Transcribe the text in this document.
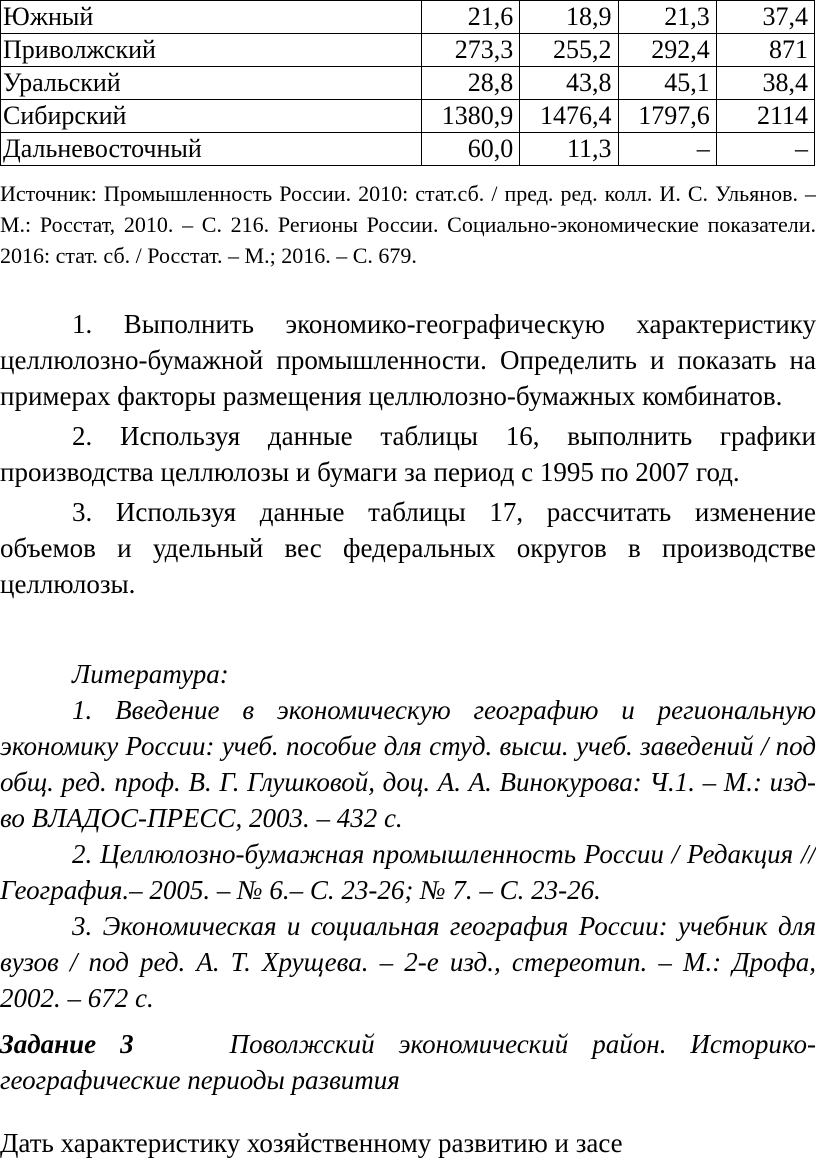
Южный	21,6	18,9	21,3	37,4
Приволжский	273,3	255,2	292,4	871
Уральский	28,8	43,8	45,1	38,4
Сибирский	1380,9	1476,4	1797,6	2114
Дальневосточный	60,0	11,3	–	–

Источник: Промышленность России. 2010: стат.сб. / пред. ред. колл. И. С. Ульянов. – М.: Росстат, 2010. – С. 216. Регионы России. Социально-экономические показатели. 2016: стат. сб. / Росстат. – М.; 2016. – С. 679.

1. Выполнить экономико-географическую характеристику целлюлозно-бумажной промышленности. Определить и показать на примерах факторы размещения целлюлозно-бумажных комбинатов.

2. Используя данные таблицы 16, выполнить графики производства целлюлозы и бумаги за период с 1995 по 2007 год.

3. Используя данные таблицы 17, рассчитать изменение объемов и удельный вес федеральных округов в производстве целлюлозы.

Литература:

1. Введение в экономическую географию и региональную экономику России: учеб. пособие для студ. высш. учеб. заведений / под общ. ред. проф. В. Г. Глушковой, доц. А. А. Винокурова: Ч.1. – М.: изд-во ВЛАДОС-ПРЕСС, 2003. – 432 с.

2. Целлюлозно-бумажная промышленность России / Редакция // География.– 2005. – № 6.– С. 23-26; № 7. – С. 23-26.

3. Экономическая и социальная география России: учебник для вузов / под ред. А. Т. Хрущева. – 2-е изд., стереотип. – М.: Дрофа, 2002. – 672 с.

Задание 3	Поволжский экономический район. Историко-географические периоды развития

Дать характеристику хозяйственному развитию и засе
